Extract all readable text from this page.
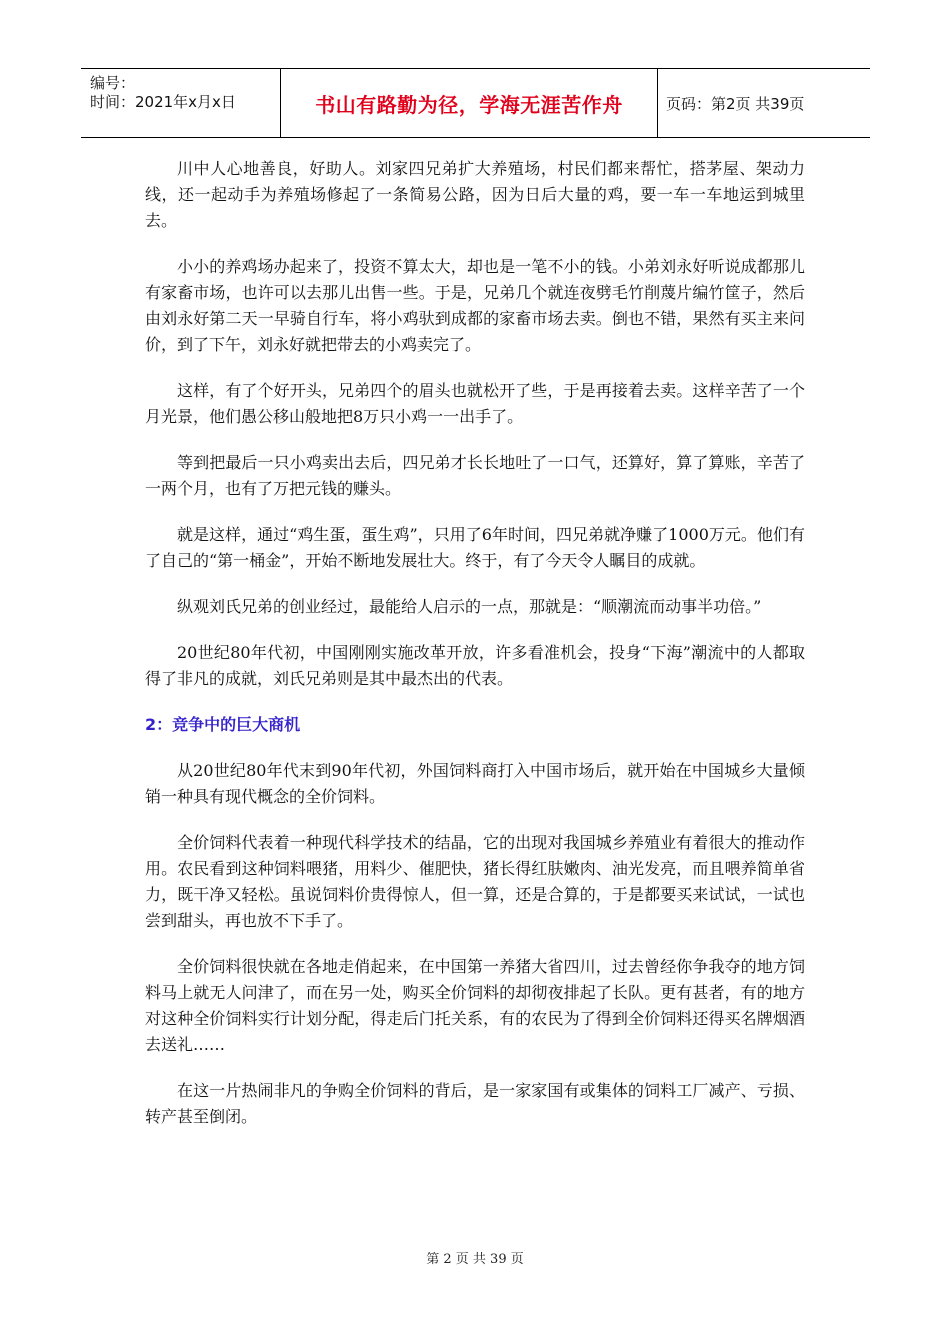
编号：
时间：2021年x月x日	书山有路勤为径，学海无涯苦作舟	页码：第2页 共39页

川中人心地善良，好助人。刘家四兄弟扩大养殖场，村民们都来帮忙，搭茅屋、架动力线，还一起动手为养殖场修起了一条简易公路，因为日后大量的鸡，要一车一车地运到城里去。

小小的养鸡场办起来了，投资不算太大，却也是一笔不小的钱。小弟刘永好听说成都那儿有家畜市场，也许可以去那儿出售一些。于是，兄弟几个就连夜劈毛竹削蔑片编竹筐子，然后由刘永好第二天一早骑自行车，将小鸡驮到成都的家畜市场去卖。倒也不错，果然有买主来问价，到了下午，刘永好就把带去的小鸡卖完了。

这样，有了个好开头，兄弟四个的眉头也就松开了些，于是再接着去卖。这样辛苦了一个月光景，他们愚公移山般地把8万只小鸡一一出手了。

等到把最后一只小鸡卖出去后，四兄弟才长长地吐了一口气，还算好，算了算账，辛苦了一两个月，也有了万把元钱的赚头。

就是这样，通过“鸡生蛋，蛋生鸡”，只用了6年时间，四兄弟就净赚了1000万元。他们有了自己的“第一桶金”，开始不断地发展壮大。终于，有了今天令人瞩目的成就。

纵观刘氏兄弟的创业经过，最能给人启示的一点，那就是：“顺潮流而动事半功倍。”

20世纪80年代初，中国刚刚实施改革开放，许多看准机会，投身“下海”潮流中的人都取得了非凡的成就，刘氏兄弟则是其中最杰出的代表。

2：竞争中的巨大商机

从20世纪80年代末到90年代初，外国饲料商打入中国市场后，就开始在中国城乡大量倾销一种具有现代概念的全价饲料。

全价饲料代表着一种现代科学技术的结晶，它的出现对我国城乡养殖业有着很大的推动作用。农民看到这种饲料喂猪，用料少、催肥快，猪长得红肤嫩肉、油光发亮，而且喂养简单省力，既干净又轻松。虽说饲料价贵得惊人，但一算，还是合算的，于是都要买来试试，一试也尝到甜头，再也放不下手了。

全价饲料很快就在各地走俏起来，在中国第一养猪大省四川，过去曾经你争我夺的地方饲料马上就无人问津了，而在另一处，购买全价饲料的却彻夜排起了长队。更有甚者，有的地方对这种全价饲料实行计划分配，得走后门托关系，有的农民为了得到全价饲料还得买名牌烟酒去送礼……

在这一片热闹非凡的争购全价饲料的背后，是一家家国有或集体的饲料工厂减产、亏损、转产甚至倒闭。

第 2 页 共 39 页
